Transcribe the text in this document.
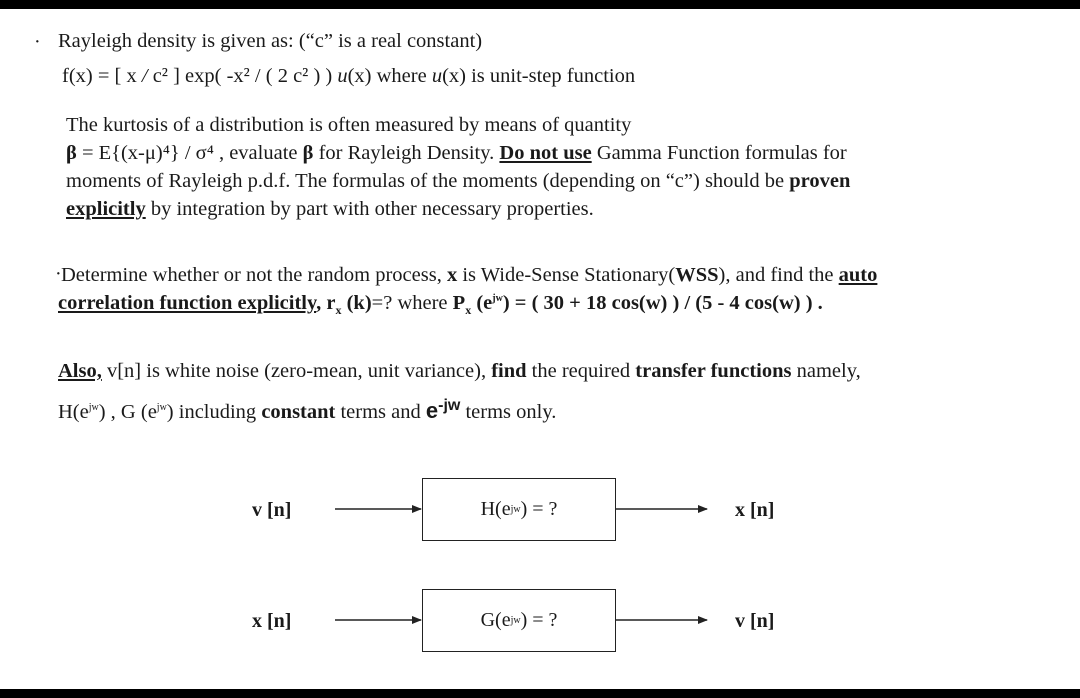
· Rayleigh density is given as: (“c” is a real constant)
f(x) = [ x / c² ] exp( -x² / ( 2 c² ) ) u(x) where u(x) is unit-step function
The kurtosis of a distribution is often measured by means of quantity
β = E{(x-μ)⁴} / σ⁴ , evaluate β for Rayleigh Density. Do not use Gamma Function formulas for
moments of Rayleigh p.d.f. The formulas of the moments (depending on “c”) should be proven
explicitly by integration by part with other necessary properties.
· Determine whether or not the random process, x is Wide-Sense Stationary(WSS), and find the auto
correlation function explicitly, $r_x$ (k)=? where $P_x$ $(e^{jw})$ = ( 30 + 18 cos(w) ) / (5 - 4 cos(w) ) .
Also, v[n] is white noise (zero-mean, unit variance), find the required transfer functions namely,
$H(e^{jw})$ , G $(e^{jw})$ including constant terms and $e^{-jw}$ terms only.
v [n]	H(e jw ) = ?	x [n]
x [n]	G(e jw ) = ?	v [n]
